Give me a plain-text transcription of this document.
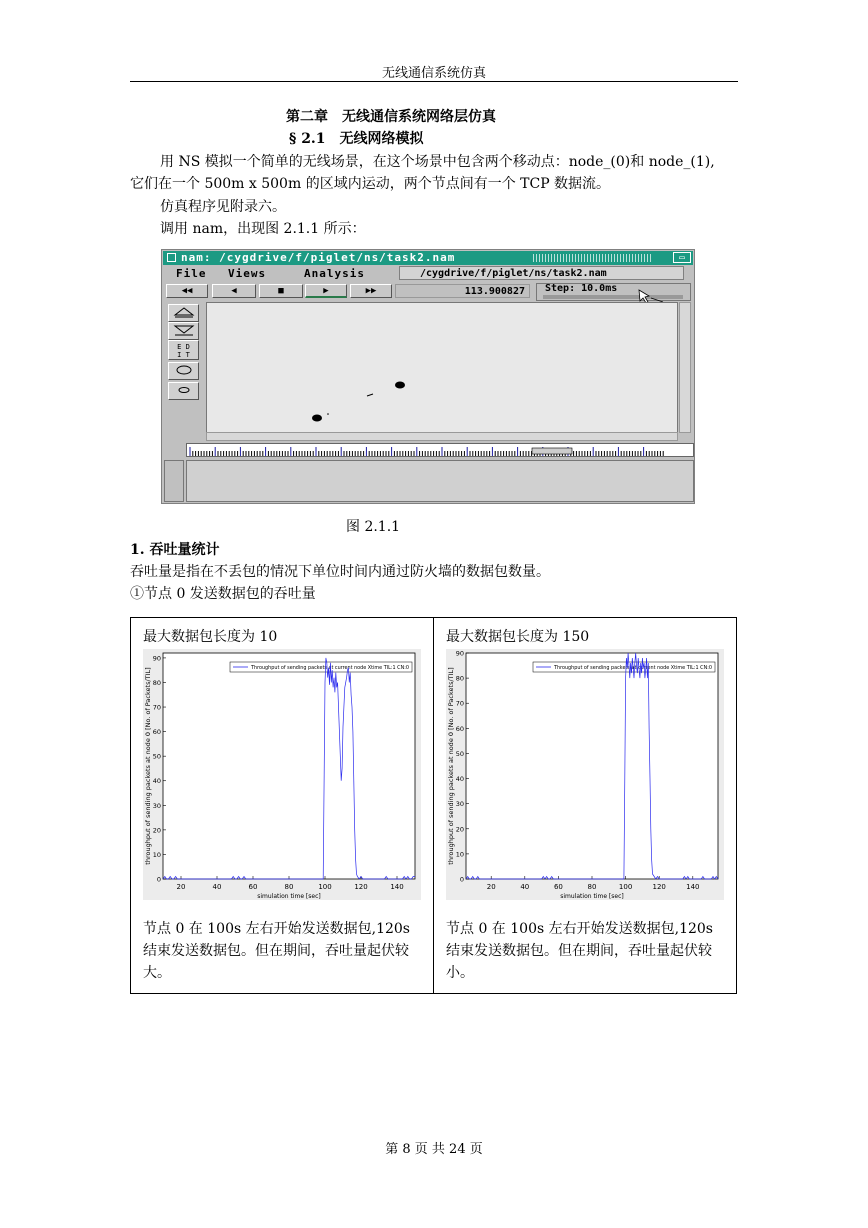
无线通信系统仿真
第二章　无线通信系统网络层仿真
§ 2.1　无线网络模拟
用 NS 模拟一个简单的无线场景，在这个场景中包含两个移动点：node_(0)和 node_(1),
它们在一个 500m x 500m 的区域内运动，两个节点间有一个 TCP 数据流。
仿真程序见附录六。
调用 nam，出现图 2.1.1 所示：
nam: /cygdrive/f/piglet/ns/task2.nam	▭
File Views	Analysis	/cygdrive/f/piglet/ns/task2.nam
◀◀	◀	■	▶	▶▶	113.900827	Step: 10.0ms
E D
I T
图 2.1.1
1. 吞吐量统计
吞吐量是指在不丢包的情况下单位时间内通过防火墙的数据包数量。
①节点 0 发送数据包的吞吐量
最大数据包长度为 10
20	40	60	80	100	120	140
0
10
20
30
40
50
60
70
80
90
simulation time [sec]
throughput of sending packets at node 0 [No. of Packets/TIL]	Throughput of sending packets at current node Xtime TIL:1 CN:0
节点 0 在 100s 左右开始发送数据包,120s 结束发送数据包。但在期间，吞吐量起伏较大。

最大数据包长度为 150
20	40	60	80	100	120	140
0
10
20
30
40
50
60
70
80
90
simulation time [sec]
throughput of sending packets at node 0 [No. of Packets/TIL]	Throughput of sending packets at current node Xtime TIL:1 CN:0
节点 0 在 100s 左右开始发送数据包,120s 结束发送数据包。但在期间，吞吐量起伏较小。
第 8 页 共 24 页
